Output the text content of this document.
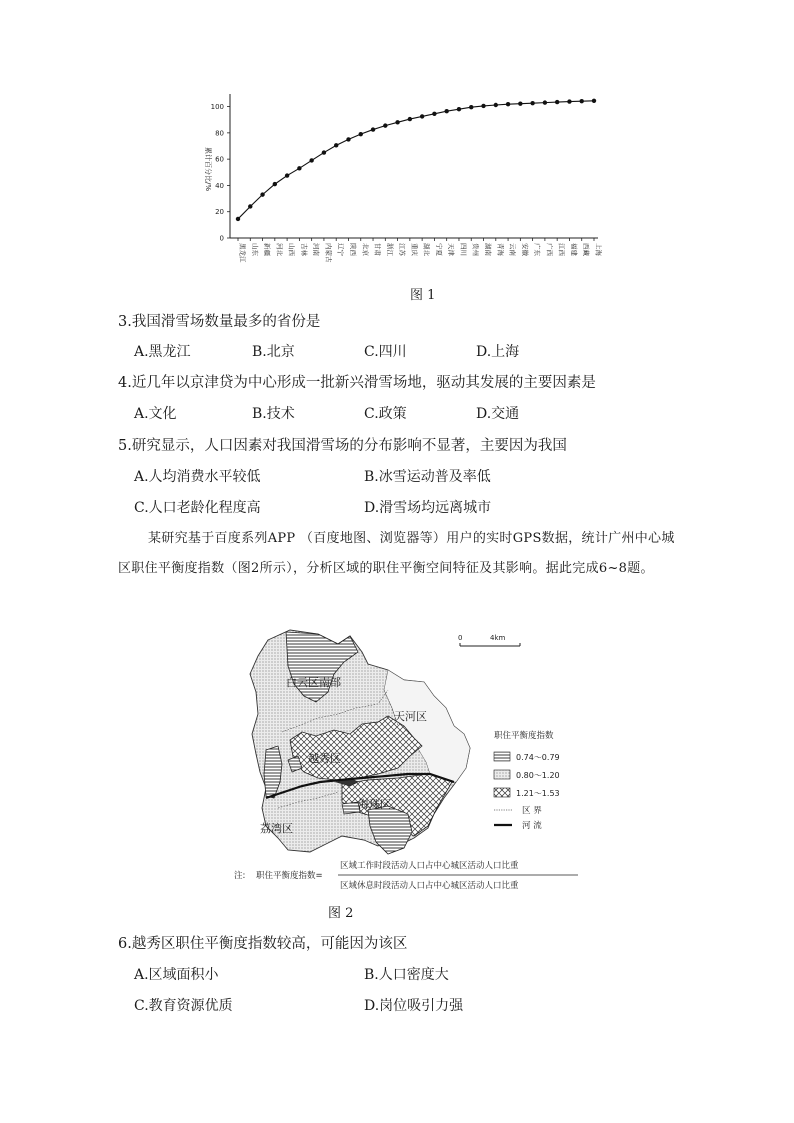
0
20
40
60
80
100
黑龙江 山东 新疆 河北 山西 吉林 河南 内蒙古 辽宁 陕西 北京 甘肃 浙江 江苏 重庆 湖北 宁夏 天津 四川 贵州 湖南 青海 云南 安徽 广东 广西 江西 福建 西藏 上海
累计百分比/%
图 1
3.我国滑雪场数量最多的省份是
A.黑龙江	B.北京	C.四川	D.上海
4.近几年以京津贷为中心形成一批新兴滑雪场地，驱动其发展的主要因素是
A.文化	B.技术	C.政策	D.交通
5.研究显示，人口因素对我国滑雪场的分布影响不显著，主要因为我国
A.人均消费水平较低	B.冰雪运动普及率低
C.人口老龄化程度高	D.滑雪场均远离城市
某研究基于百度系列APP （百度地图、浏览器等）用户的实时GPS数据，统计广州中心城区职住平衡度指数（图2所示），分析区域的职住平衡空间特征及其影响。据此完成6~8题。
白云区南部
天河区
越秀区
海珠区
荔湾区
0	4km
职住平衡度指数
0.74～0.79
0.80～1.20
1.21～1.53
区 界
河 流
注: 职住平衡度指数=
区域工作时段活动人口占中心城区活动人口比重
区域休息时段活动人口占中心城区活动人口比重
图 2
6.越秀区职住平衡度指数较高，可能因为该区
A.区域面积小	B.人口密度大
C.教育资源优质	D.岗位吸引力强
